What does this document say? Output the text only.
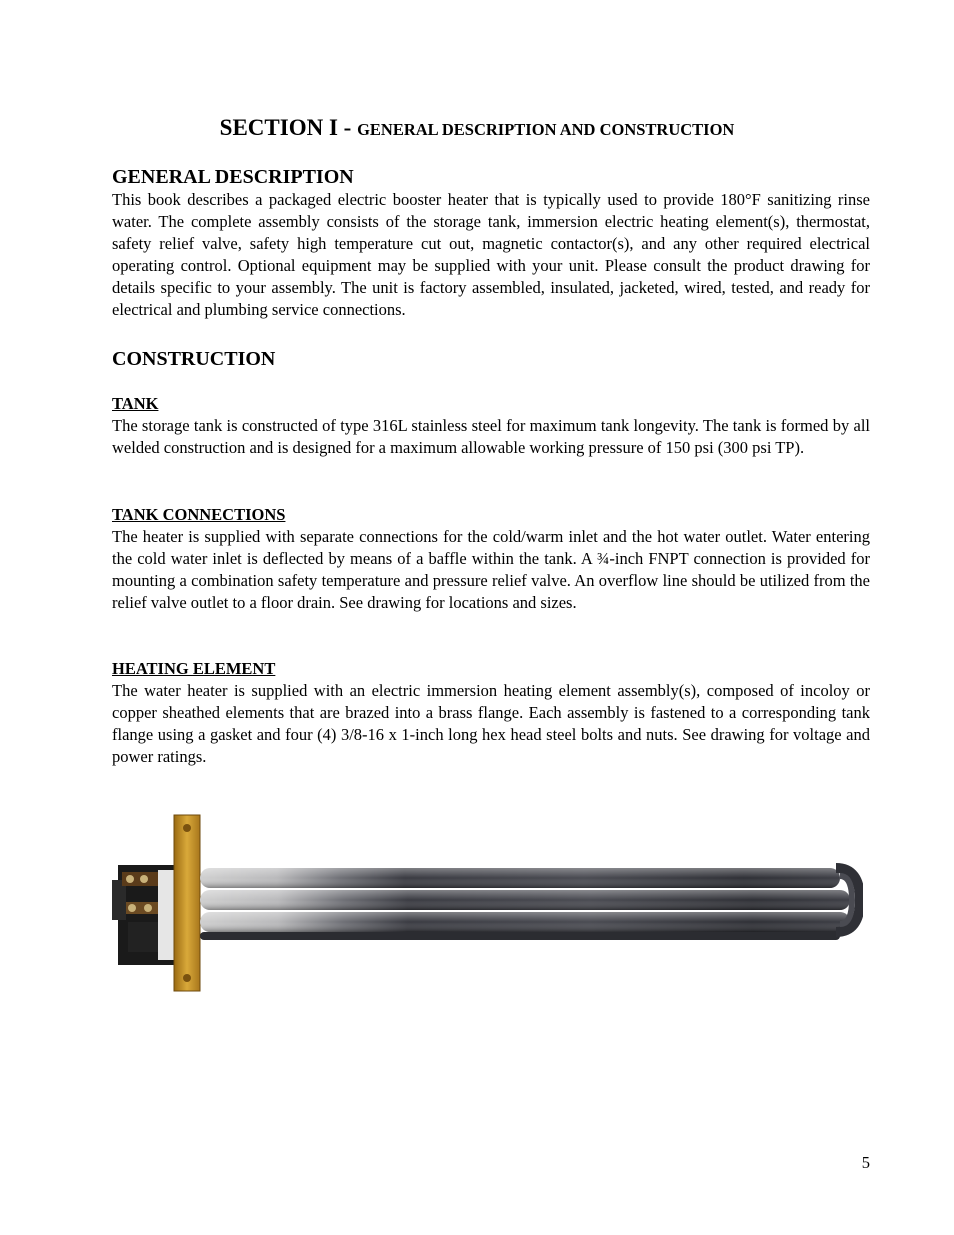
SECTION I - GENERAL DESCRIPTION AND CONSTRUCTION
GENERAL DESCRIPTION

This book describes a packaged electric booster heater that is typically used to provide 180°F sanitizing rinse water. The complete assembly consists of the storage tank, immersion electric heating element(s), thermostat, safety relief valve, safety high temperature cut out, magnetic contactor(s), and any other required electrical operating control. Optional equipment may be supplied with your unit. Please consult the product drawing for details specific to your assembly. The unit is factory assembled, insulated, jacketed, wired, tested, and ready for electrical and plumbing service connections.

CONSTRUCTION
TANK

The storage tank is constructed of type 316L stainless steel for maximum tank longevity. The tank is formed by all welded construction and is designed for a maximum allowable working pressure of 150 psi (300 psi TP).

TANK CONNECTIONS

The heater is supplied with separate connections for the cold/warm inlet and the hot water outlet. Water entering the cold water inlet is deflected by means of a baffle within the tank. A ¾-inch FNPT connection is provided for mounting a combination safety temperature and pressure relief valve. An overflow line should be utilized from the relief valve outlet to a floor drain. See drawing for locations and sizes.

HEATING ELEMENT

The water heater is supplied with an electric immersion heating element assembly(s), composed of incoloy or copper sheathed elements that are brazed into a brass flange. Each assembly is fastened to a corresponding tank flange using a gasket and four (4) 3/8-16 x 1-inch long hex head steel bolts and nuts. See drawing for voltage and power ratings.

5
